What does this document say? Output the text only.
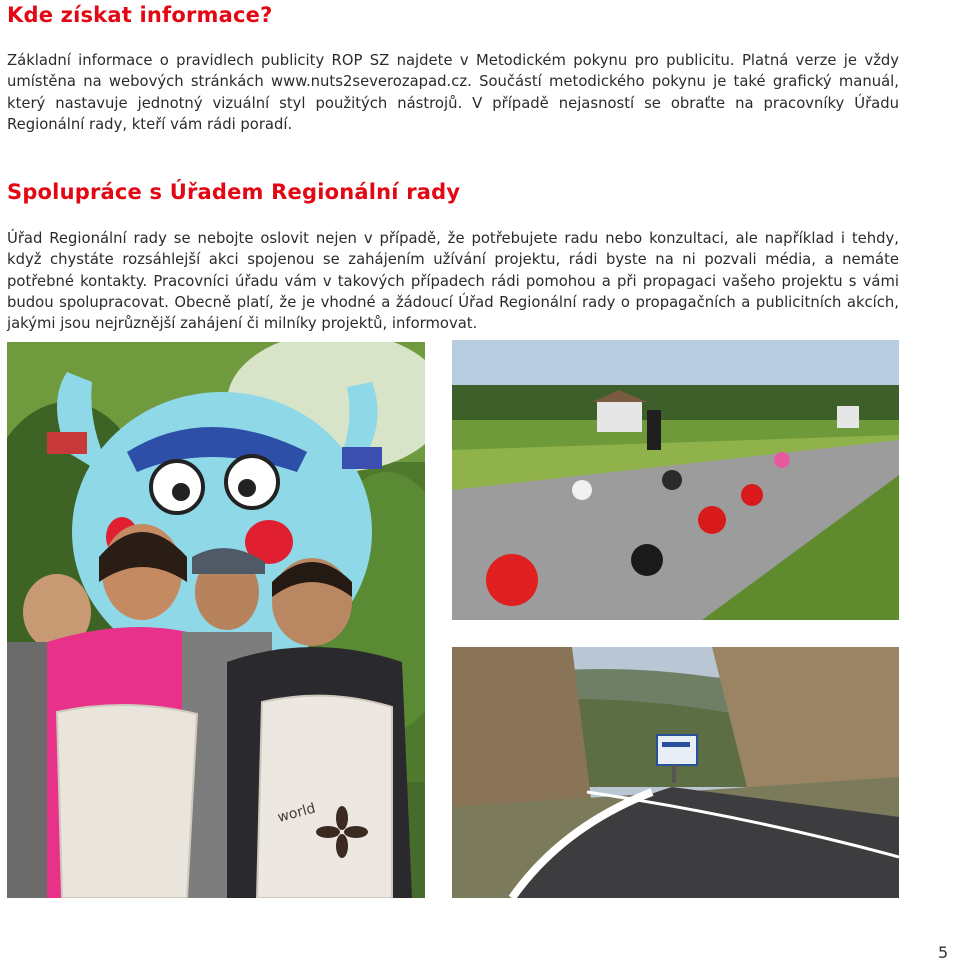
Kde získat informace?

Základní informace o pravidlech publicity ROP SZ najdete v Metodickém pokynu pro publicitu. Platná verze je vždy umístěna na webových stránkách www.nuts2severozapad.cz. Součástí metodického pokynu je také grafický manuál, který nastavuje jednotný vizuální styl použitých nástrojů. V případě nejasností se obraťte na pracovníky Úřadu Regionální rady, kteří vám rádi poradí.

Spolupráce s Úřadem Regionální rady

Úřad Regionální rady se nebojte oslovit nejen v případě, že potřebujete radu nebo konzultaci, ale například i tehdy, když chystáte rozsáhlejší akci spojenou se zahájením užívání projektu, rádi byste na ni pozvali média, a nemáte potřebné kontakty. Pracovníci úřadu vám v takových případech rádi pomohou a při propagaci vašeho projektu s vámi budou spolupracovat. Obecně platí, že je vhodné a žádoucí Úřad Regionální rady o propagačních a publicitních akcích, jakými jsou nejrůznější zahájení či milníky projektů, informovat.

world
5
